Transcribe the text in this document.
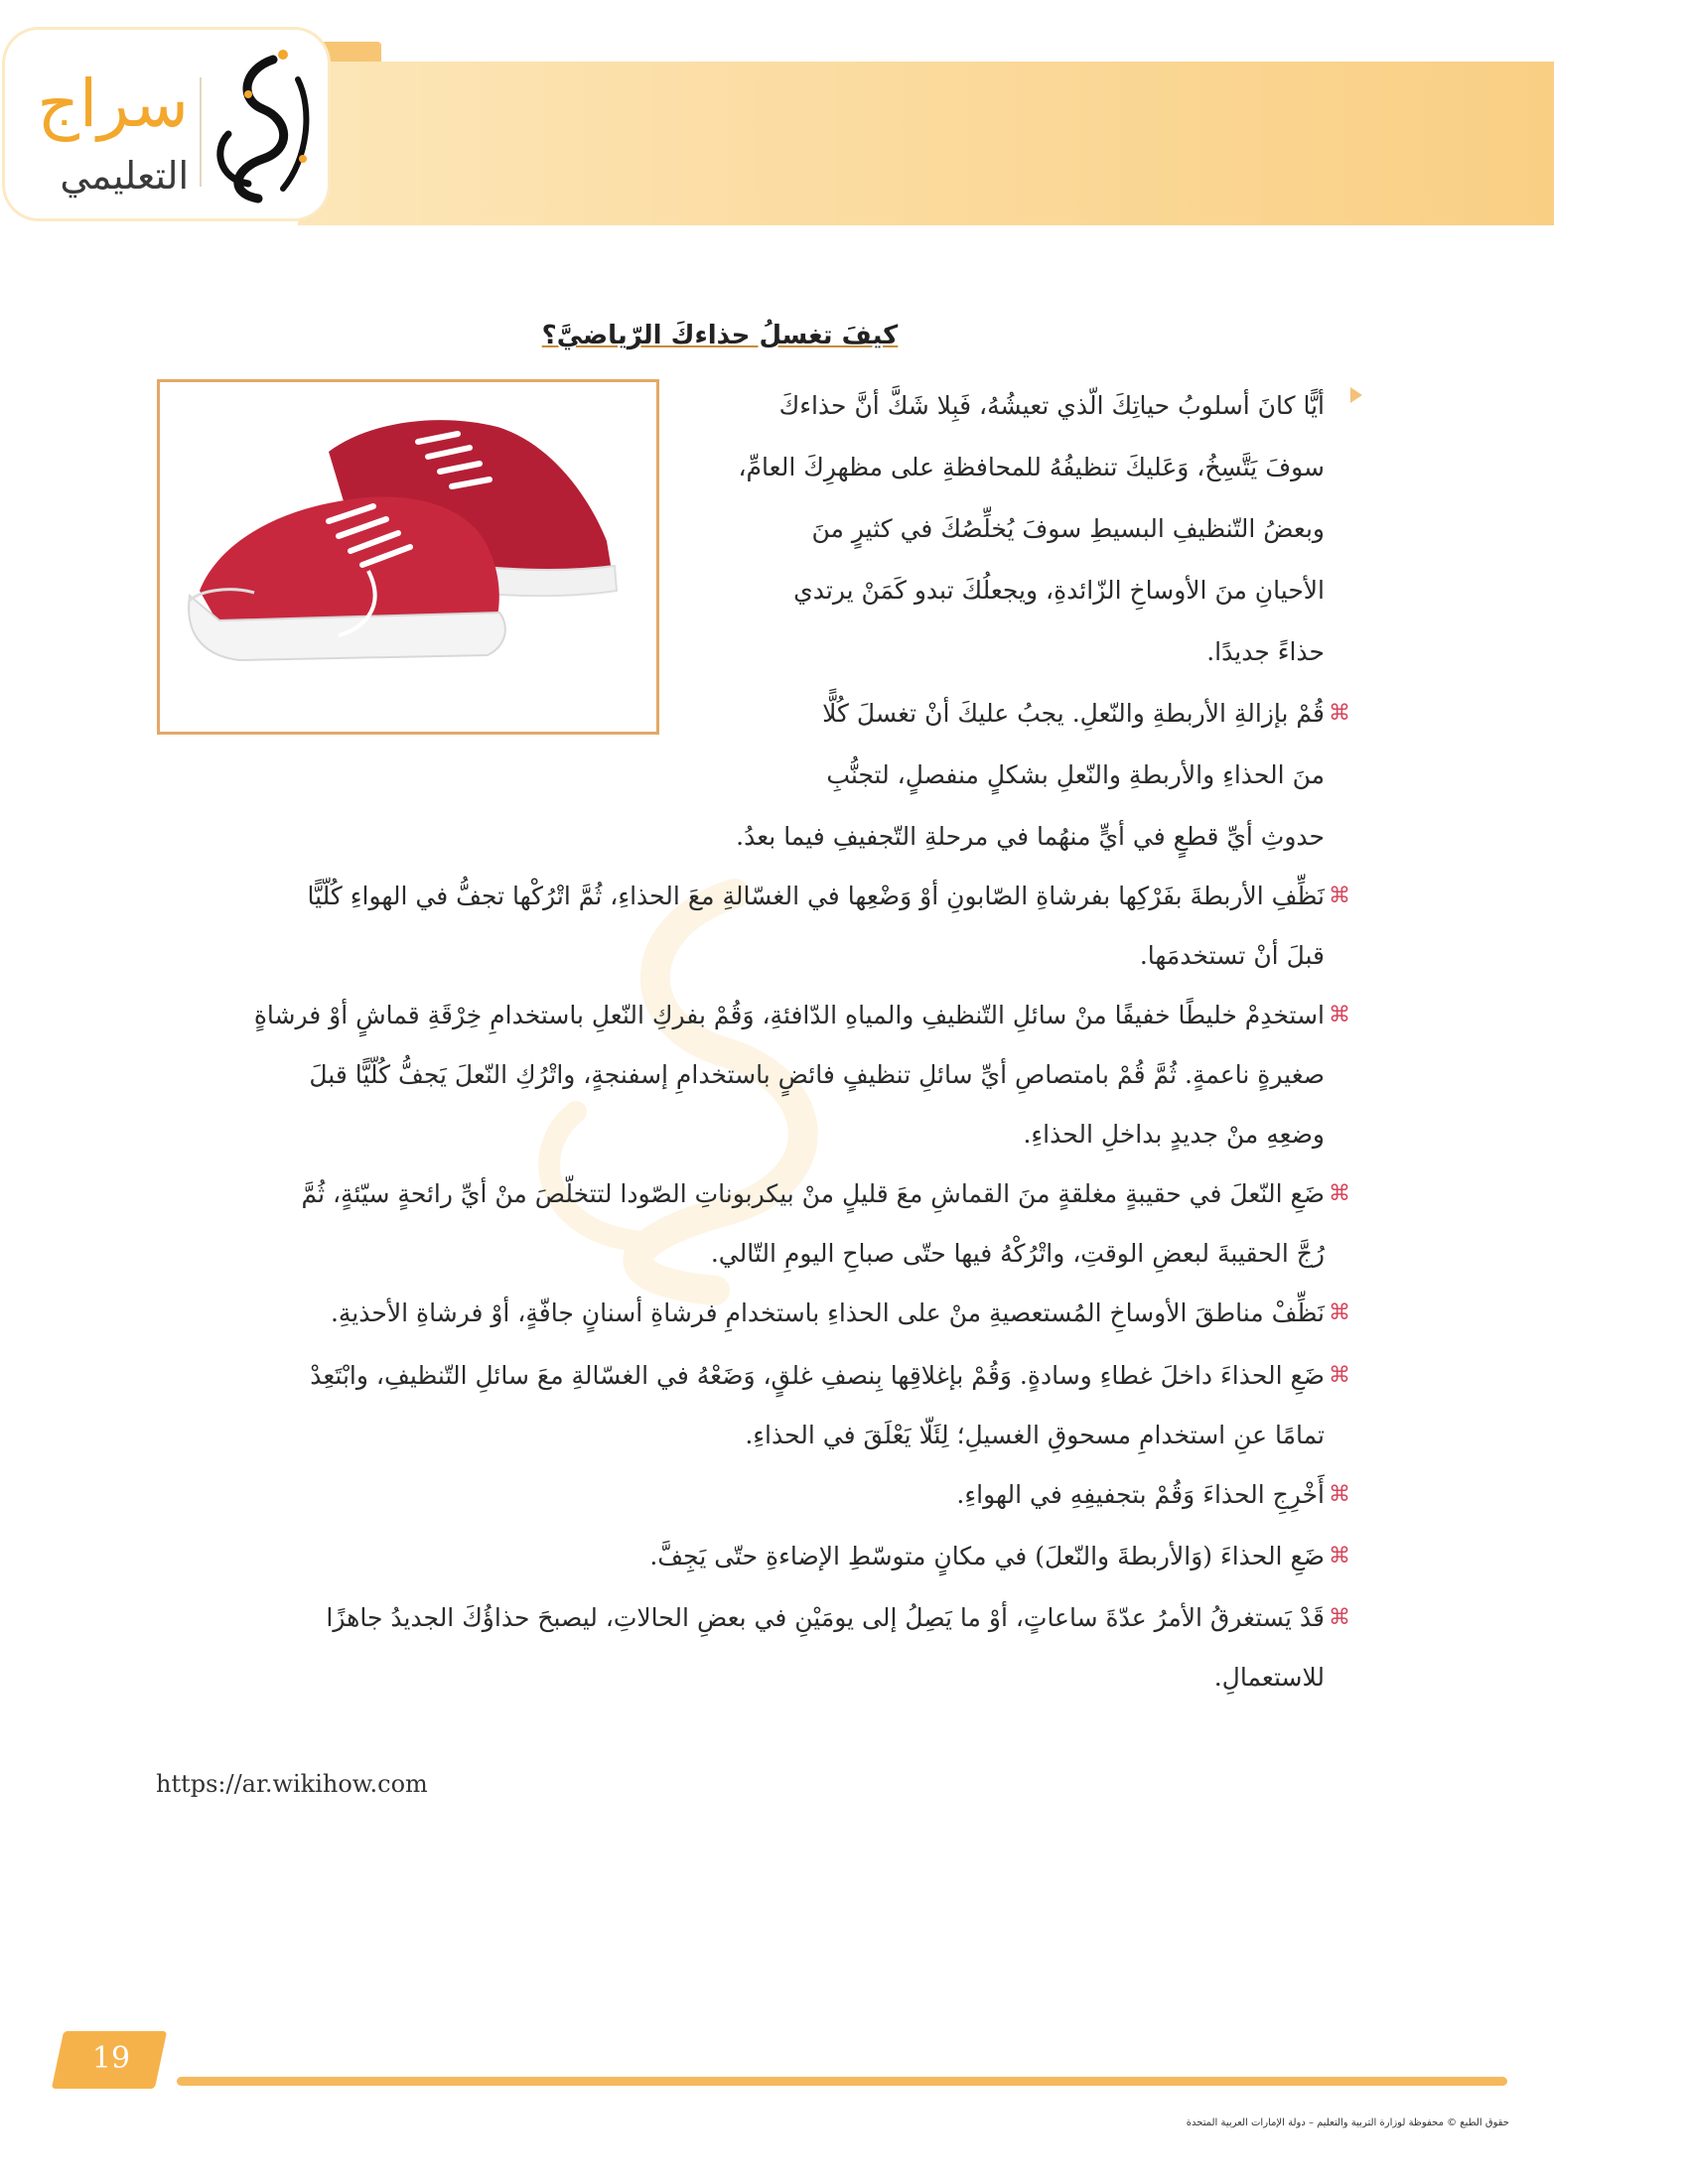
سراج
التعليمي
كيفَ تغسلُ حذاءكَ الرّياضيَّ؟
أيًّا كانَ أسلوبُ حياتِكَ الّذي تعيشُهُ، فَبِلا شَكَّ أنَّ حذاءكَ
سوفَ يَتَّسِخُ، وَعَليكَ تنظيفُهُ للمحافظةِ على مظهرِكَ العامِّ،
وبعضُ التّنظيفِ البسيطِ سوفَ يُخلِّصُكَ في كثيرٍ منَ
الأحيانِ منَ الأوساخِ الزّائدةِ، ويجعلُكَ تبدو كَمَنْ يرتدي
حذاءً جديدًا.
⌘
قُمْ بإزالةِ الأربطةِ والنّعلِ. يجبُ عليكَ أنْ تغسلَ كُلًّا
منَ الحذاءِ والأربطةِ والنّعلِ بشكلٍ منفصلٍ، لتجنُّبِ
حدوثِ أيِّ قطعٍ في أيٍّ منهُما في مرحلةِ التّجفيفِ فيما بعدُ.
⌘
نَظِّفِ الأربطةَ بفَرْكِها بفرشاةِ الصّابونِ أوْ وَضْعِها في الغسّالةِ معَ الحذاءِ، ثُمَّ اتْرُكْها تجفُّ في الهواءِ كُلّيًّا
قبلَ أنْ تستخدمَها.
⌘
استخدِمْ خليطًا خفيفًا منْ سائلِ التّنظيفِ والمياهِ الدّافئةِ، وَقُمْ بفركِ النّعلِ باستخدامِ خِرْقَةِ قماشٍ أوْ فرشاةٍ
صغيرةٍ ناعمةٍ. ثُمَّ قُمْ بامتصاصِ أيِّ سائلِ تنظيفٍ فائضٍ باستخدامِ إسفنجةٍ، واتْرُكِ النّعلَ يَجفُّ كُلّيًّا قبلَ
وضعِهِ منْ جديدٍ بداخلِ الحذاءِ.
⌘
ضَعِ النّعلَ في حقيبةٍ مغلقةٍ منَ القماشِ معَ قليلٍ منْ بيكربوناتِ الصّودا لتتخلّصَ منْ أيِّ رائحةٍ سيّئةٍ، ثُمَّ
رُجَّ الحقيبةَ لبعضِ الوقتِ، واتْرُكْهُ فيها حتّى صباحِ اليومِ التّالي.
⌘
نَظِّفْ مناطقَ الأوساخِ المُستعصيةِ منْ على الحذاءِ باستخدامِ فرشاةِ أسنانٍ جافّةٍ، أوْ فرشاةِ الأحذيةِ.
⌘
ضَعِ الحذاءَ داخلَ غطاءِ وسادةٍ. وَقُمْ بإغلاقِها بِنصفِ غلقٍ، وَضَعْهُ في الغسّالةِ معَ سائلِ التّنظيفِ، وابْتَعِدْ
تمامًا عنِ استخدامِ مسحوقِ الغسيلِ؛ لِئَلّا يَعْلَقَ في الحذاءِ.
⌘
أَخْرِجِ الحذاءَ وَقُمْ بتجفيفِهِ في الهواءِ.
⌘
ضَعِ الحذاءَ (وَالأربطةَ والنّعلَ) في مكانٍ متوسّطِ الإضاءةِ حتّى يَجِفَّ.
⌘
قَدْ يَستغرقُ الأمرُ عدّةَ ساعاتٍ، أوْ ما يَصِلُ إلى يومَيْنِ في بعضِ الحالاتِ، ليصبحَ حذاؤُكَ الجديدُ جاهزًا
للاستعمالِ.
https://ar.wikihow.com
19
حقوق الطبع © محفوظة لوزارة التربية والتعليم – دولة الإمارات العربية المتحدة
